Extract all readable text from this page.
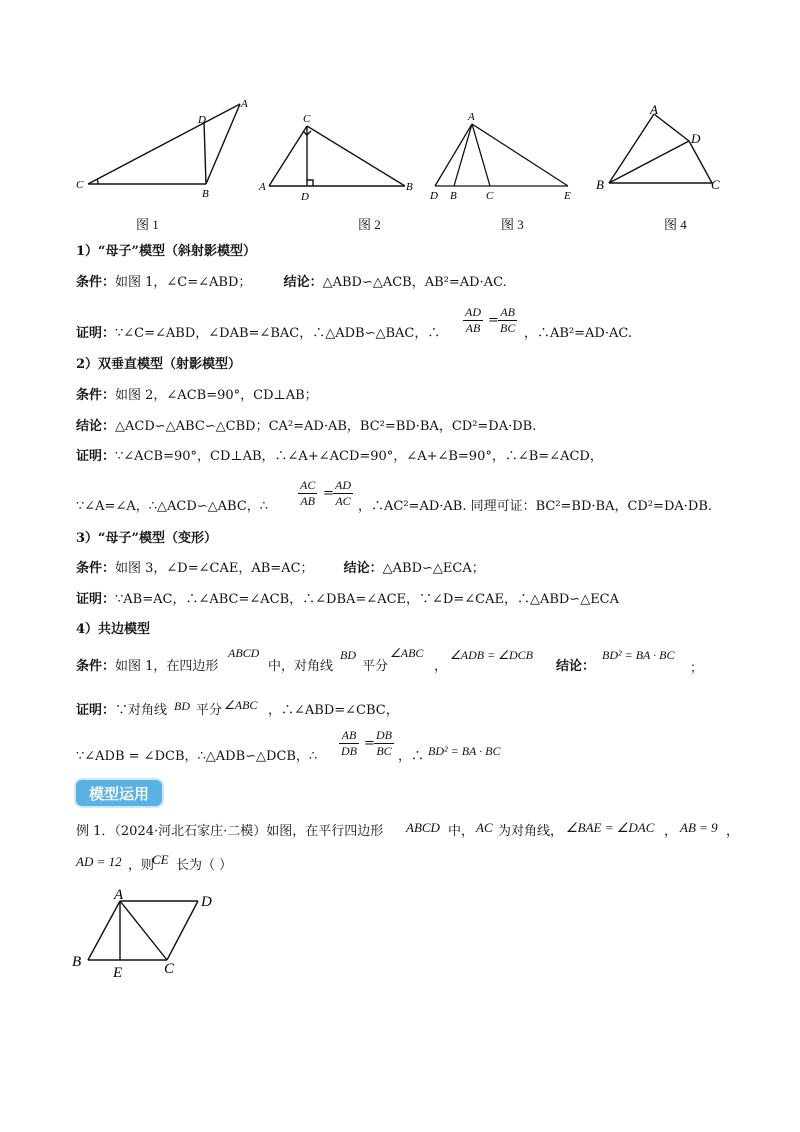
A
D
C
B
图 1
C
A
D
B
图 2
A
D B	C	E
图 3
A
D
B	C
图 4
1）“母子”模型（斜射影模型）
条件：如图 1，∠C=∠ABD； 结论：△ABD∽△ACB，AB²=AD·AC.
证明：∵∠C=∠ABD，∠DAB=∠BAC，∴△ADB∽△BAC，∴
AD
AB =
AB
BC ，∴AB²=AD·AC.
2）双垂直模型（射影模型）
条件：如图 2，∠ACB=90°，CD⊥AB；
结论：△ACD∽△ABC∽△CBD；CA²=AD·AB，BC²=BD·BA，CD²=DA·DB.
证明：∵∠ACB=90°，CD⊥AB，∴∠A+∠ACD=90°，∠A+∠B=90°，∴∠B=∠ACD，
∵∠A=∠A，∴△ACD∽△ABC，∴
AC
AB =
AD
AC ，∴AC²=AD·AB. 同理可证：BC²=BD·BA，CD²=DA·DB.
3）“母子”模型（变形）
条件：如图 3，∠D=∠CAE，AB=AC； 结论：△ABD∽△ECA；
证明：∵AB=AC，∴∠ABC=∠ACB，∴∠DBA=∠ACE，∵∠D=∠CAE，∴△ABD∽△ECA
4）共边模型
条件：如图 1，在四边形
ABCD
中，对角线
BD
平分
∠ABC
，
∠ADB = ∠DCB
结论：
BD² = BA · BC
；
证明：∵对角线 BD 平分 ∠ABC ，∴∠ABD=∠CBC，
∵∠ADB = ∠DCB，∴△ADB∽△DCB，∴
AB
DB =
DB
BC ，∴ BD² = BA · BC
模型运用
例 1．（2024·河北石家庄·二模）如图，在平行四边形 ABCD 中， AC 为对角线， ∠BAE = ∠DAC ， AB = 9 ，
AD = 12 ，则
CE 长为（ ）
A	D
B
E	C
